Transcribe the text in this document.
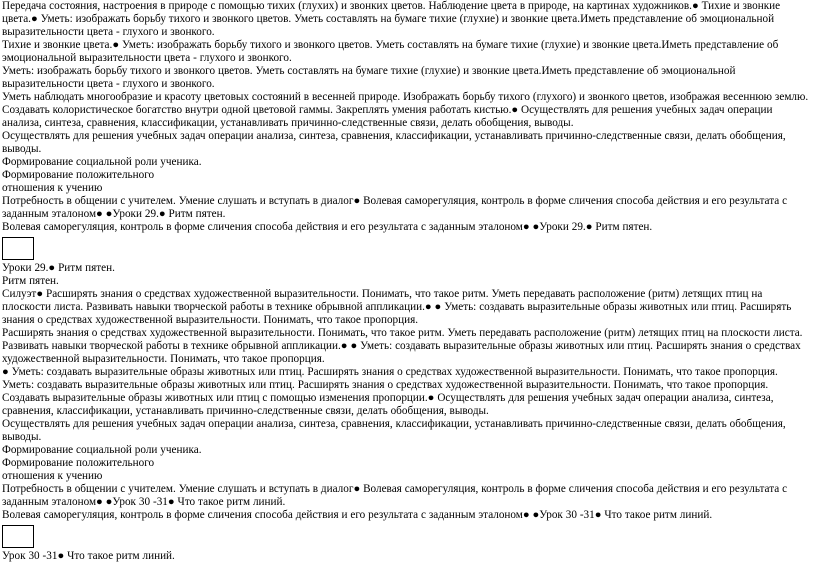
Передача состояния, настроения в природе с помощью тихих (глухих) и звонких цветов. Наблюдение цвета в природе, на картинах художников.● Тихие и звонкие цвета.● Уметь: изображать борьбу тихого и звонкого цветов. Уметь составлять на бумаге тихие (глухие) и звонкие цвета.Иметь представление об эмоциональной выразительности цвета - глухого и звонкого.

Тихие и звонкие цвета.● Уметь: изображать борьбу тихого и звонкого цветов. Уметь составлять на бумаге тихие (глухие) и звонкие цвета.Иметь представление об эмоциональной выразительности цвета - глухого и звонкого.

Уметь: изображать борьбу тихого и звонкого цветов. Уметь составлять на бумаге тихие (глухие) и звонкие цвета.Иметь представление об эмоциональной выразительности цвета - глухого и звонкого.

Уметь наблюдать многообразие и красоту цветовых состояний в весенней природе. Изображать борьбу тихого (глухого) и звонкого цветов, изображая весеннюю землю. Создавать колористическое богатство внутри одной цветовой гаммы. Закреплять умения работать кистью.● Осуществлять для решения учебных задач операции анализа, синтеза, сравнения, классификации, устанавливать причинно-следственные связи, делать обобщения, выводы.

Осуществлять для решения учебных задач операции анализа, синтеза, сравнения, классификации, устанавливать причинно-следственные связи, делать обобщения, выводы.

Формирование социальной роли ученика.

Формирование положительного

отношения к учению

Потребность в общении с учителем. Умение слушать и вступать в диалог● Волевая саморегуляция, контроль в форме сличения способа действия и его результата с заданным эталоном● ●Уроки 29.● Ритм пятен.

Волевая саморегуляция, контроль в форме сличения способа действия и его результата с заданным эталоном● ●Уроки 29.● Ритм пятен.

Уроки 29.● Ритм пятен.

Ритм пятен.

Силуэт● Расширять знания о средствах художественной выразительности. Понимать, что такое ритм. Уметь передавать расположение (ритм) летящих птиц на плоскости листа. Развивать навыки творческой работы в технике обрывной аппликации.● ● Уметь: создавать выразительные образы животных или птиц. Расширять знания о средствах художественной выразительности. Понимать, что такое пропорция.

Расширять знания о средствах художественной выразительности. Понимать, что такое ритм. Уметь передавать расположение (ритм) летящих птиц на плоскости листа. Развивать навыки творческой работы в технике обрывной аппликации.● ● Уметь: создавать выразительные образы животных или птиц. Расширять знания о средствах художественной выразительности. Понимать, что такое пропорция.

● Уметь: создавать выразительные образы животных или птиц. Расширять знания о средствах художественной выразительности. Понимать, что такое пропорция.

Уметь: создавать выразительные образы животных или птиц. Расширять знания о средствах художественной выразительности. Понимать, что такое пропорция.

Создавать выразительные образы животных или птиц с помощью изменения пропорции.● Осуществлять для решения учебных задач операции анализа, синтеза, сравнения, классификации, устанавливать причинно-следственные связи, делать обобщения, выводы.

Осуществлять для решения учебных задач операции анализа, синтеза, сравнения, классификации, устанавливать причинно-следственные связи, делать обобщения, выводы.

Формирование социальной роли ученика.

Формирование положительного

отношения к учению

Потребность в общении с учителем. Умение слушать и вступать в диалог● Волевая саморегуляция, контроль в форме сличения способа действия и его результата с заданным эталоном● ●Урок 30 -31● Что такое ритм линий.

Волевая саморегуляция, контроль в форме сличения способа действия и его результата с заданным эталоном● ●Урок 30 -31● Что такое ритм линий.

Урок 30 -31● Что такое ритм линий.
